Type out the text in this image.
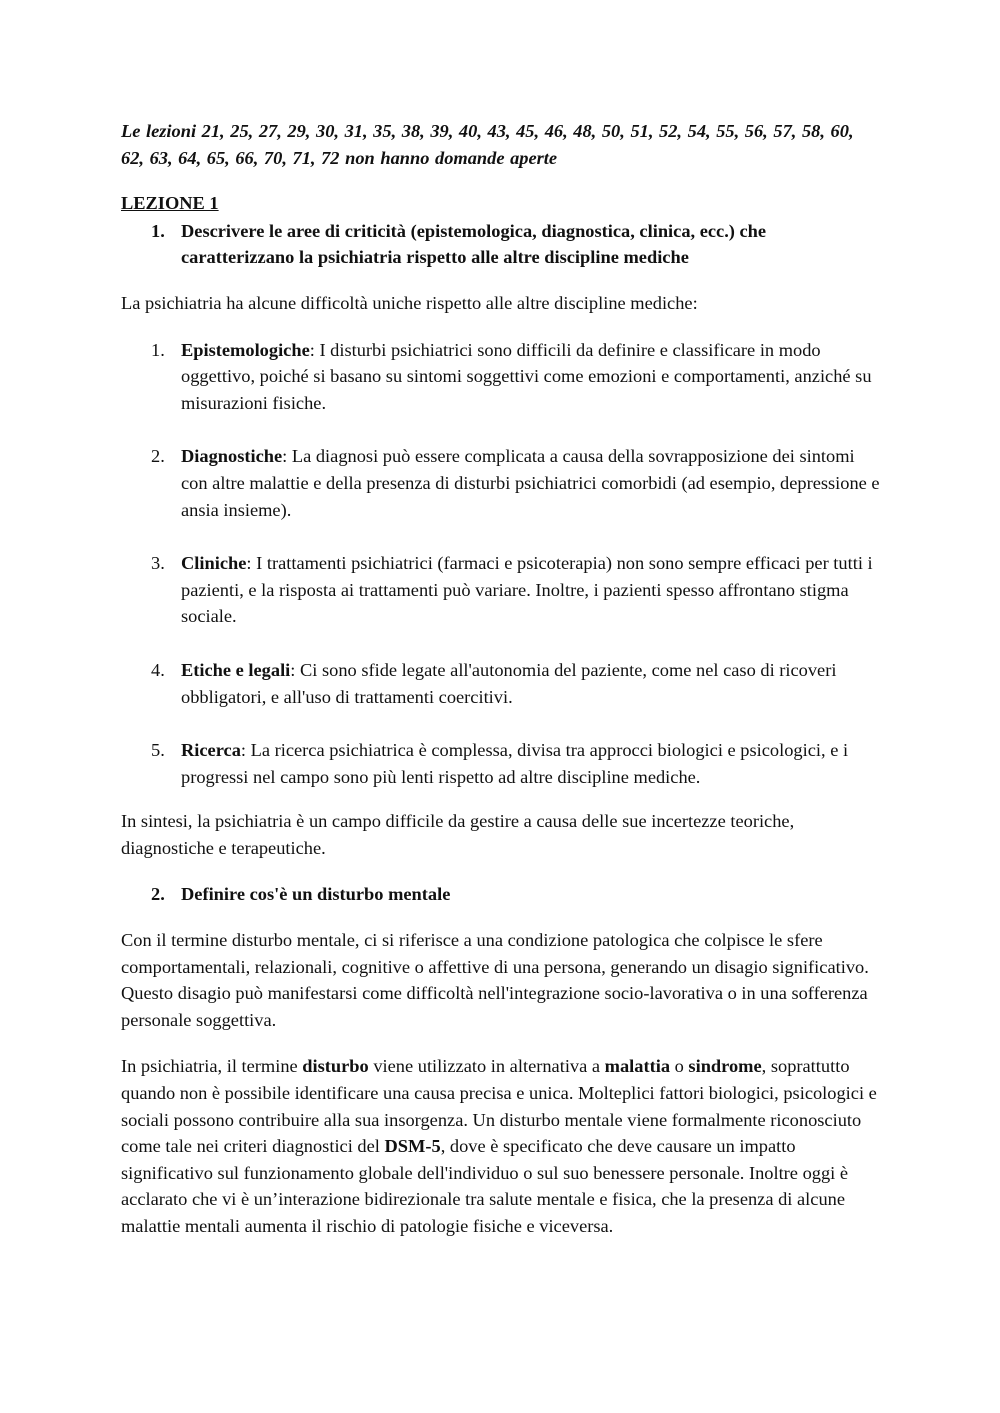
Le lezioni 21, 25, 27, 29, 30, 31, 35, 38, 39, 40, 43, 45, 46, 48, 50, 51, 52, 54, 55, 56, 57, 58, 60, 62, 63, 64, 65, 66, 70, 71, 72 non hanno domande aperte

LEZIONE 1

1. Descrivere le aree di criticità (epistemologica, diagnostica, clinica, ecc.) che caratterizzano la psichiatria rispetto alle altre discipline mediche

La psichiatria ha alcune difficoltà uniche rispetto alle altre discipline mediche:

1. Epistemologiche: I disturbi psichiatrici sono difficili da definire e classificare in modo oggettivo, poiché si basano su sintomi soggettivi come emozioni e comportamenti, anziché su misurazioni fisiche.
2. Diagnostiche: La diagnosi può essere complicata a causa della sovrapposizione dei sintomi con altre malattie e della presenza di disturbi psichiatrici comorbidi (ad esempio, depressione e ansia insieme).
3. Cliniche: I trattamenti psichiatrici (farmaci e psicoterapia) non sono sempre efficaci per tutti i pazienti, e la risposta ai trattamenti può variare. Inoltre, i pazienti spesso affrontano stigma sociale.
4. Etiche e legali: Ci sono sfide legate all'autonomia del paziente, come nel caso di ricoveri obbligatori, e all'uso di trattamenti coercitivi.
5. Ricerca: La ricerca psichiatrica è complessa, divisa tra approcci biologici e psicologici, e i progressi nel campo sono più lenti rispetto ad altre discipline mediche.

In sintesi, la psichiatria è un campo difficile da gestire a causa delle sue incertezze teoriche, diagnostiche e terapeutiche.

2. Definire cos'è un disturbo mentale

Con il termine disturbo mentale, ci si riferisce a una condizione patologica che colpisce le sfere comportamentali, relazionali, cognitive o affettive di una persona, generando un disagio significativo. Questo disagio può manifestarsi come difficoltà nell'integrazione socio-lavorativa o in una sofferenza personale soggettiva.

In psichiatria, il termine disturbo viene utilizzato in alternativa a malattia o sindrome, soprattutto quando non è possibile identificare una causa precisa e unica. Molteplici fattori biologici, psicologici e sociali possono contribuire alla sua insorgenza. Un disturbo mentale viene formalmente riconosciuto come tale nei criteri diagnostici del DSM-5, dove è specificato che deve causare un impatto significativo sul funzionamento globale dell'individuo o sul suo benessere personale. Inoltre oggi è acclarato che vi è un’interazione bidirezionale tra salute mentale e fisica, che la presenza di alcune malattie mentali aumenta il rischio di patologie fisiche e viceversa.
